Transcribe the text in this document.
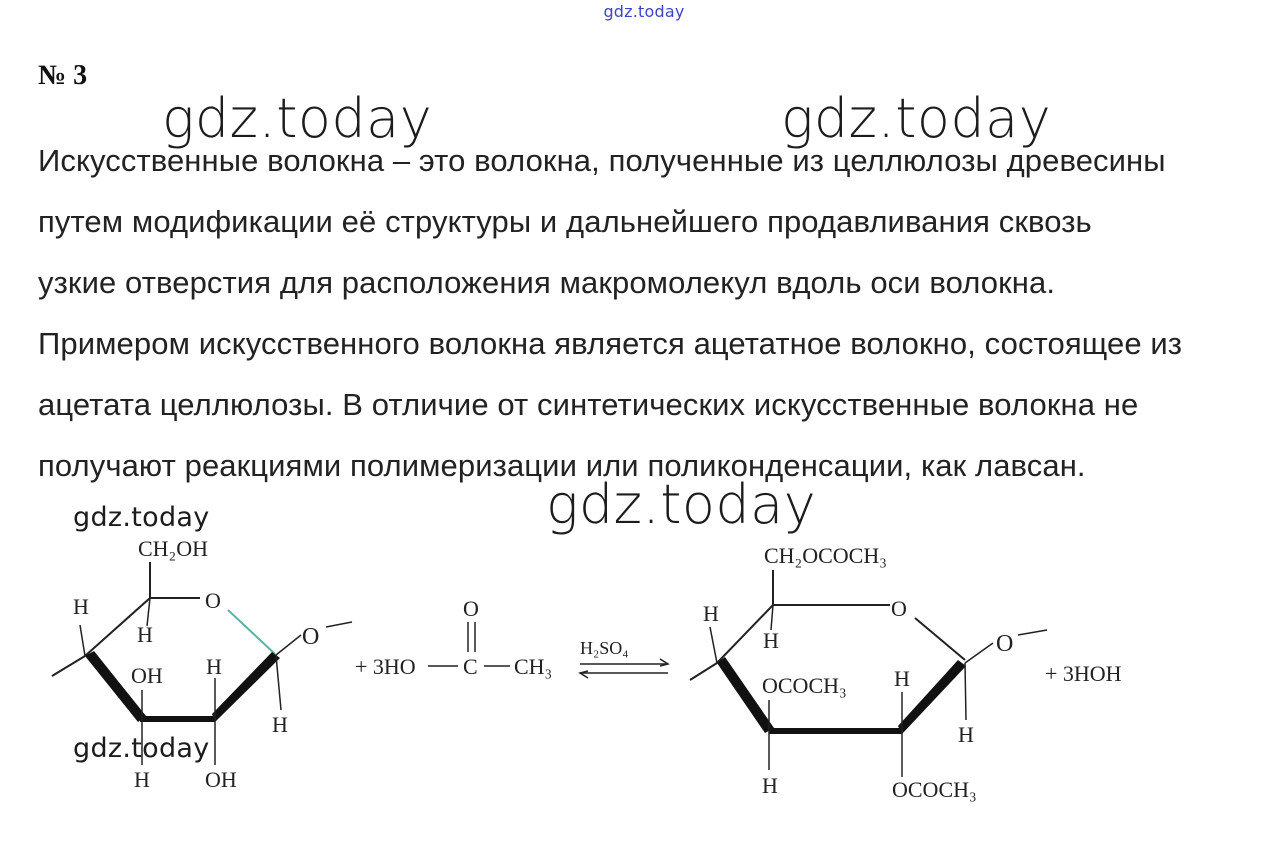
gdz.today
№ 3

Искусственные волокна – это волокна, полученные из целлюлозы древесины
путем модификации её структуры и дальнейшего продавливания сквозь
узкие отверстия для расположения макромолекул вдоль оси волокна.
Примером искусственного волокна является ацетатное волокно, состоящее из
ацетата целлюлозы. В отличие от синтетических искусственные волокна не
получают реакциями полимеризации или поликонденсации, как лавсан.

CH₂OH
O
H
H
OH H
H
H	OH
O
+ 3HO C
O
CH₃
H₂SO₄
CH₂OCOCH₃
O
H
H
OCOCH₃ H
H
H	OCOCH₃
O
+ 3HOH
gdz.today	gdz.today
gdz.today
gdz.today
gdz.today
